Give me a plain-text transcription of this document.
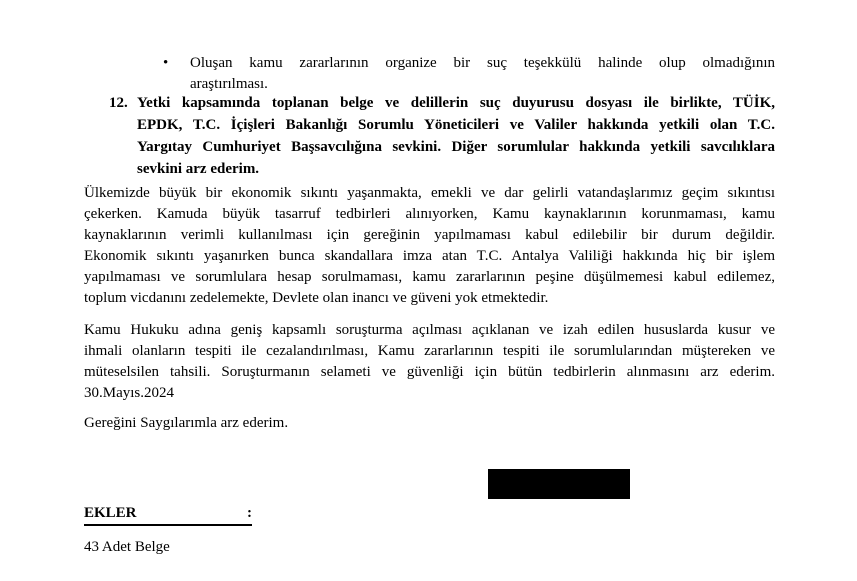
• Oluşan kamu zararlarının organize bir suç teşekkülü halinde olup olmadığının
araştırılması.
12. Yetki kapsamında toplanan belge ve delillerin suç duyurusu dosyası ile birlikte, TÜİK,
EPDK, T.C. İçişleri Bakanlığı Sorumlu Yöneticileri ve Valiler hakkında yetkili olan T.C.
Yargıtay Cumhuriyet Başsavcılığına sevkini. Diğer sorumlular hakkında yetkili savcılıklara
sevkini arz ederim.
Ülkemizde büyük bir ekonomik sıkıntı yaşanmakta, emekli ve dar gelirli vatandaşlarımız geçim sıkıntısı
çekerken. Kamuda büyük tasarruf tedbirleri alınıyorken, Kamu kaynaklarının korunmaması, kamu
kaynaklarının verimli kullanılması için gereğinin yapılmaması kabul edilebilir bir durum değildir.
Ekonomik sıkıntı yaşanırken bunca skandallara imza atan T.C. Antalya Valiliği hakkında hiç bir işlem
yapılmaması ve sorumlulara hesap sorulmaması, kamu zararlarının peşine düşülmemesi kabul edilemez,
toplum vicdanını zedelemekte, Devlete olan inancı ve güveni yok etmektedir.
Kamu Hukuku adına geniş kapsamlı soruşturma açılması açıklanan ve izah edilen hususlarda kusur ve
ihmali olanların tespiti ile cezalandırılması, Kamu zararlarının tespiti ile sorumlularından müştereken ve
müteselsilen tahsili. Soruşturmanın selameti ve güvenliği için bütün tedbirlerin alınmasını arz ederim.
30.Mayıs.2024
Gereğini Saygılarımla arz ederim.
EKLER	:
43 Adet Belge
